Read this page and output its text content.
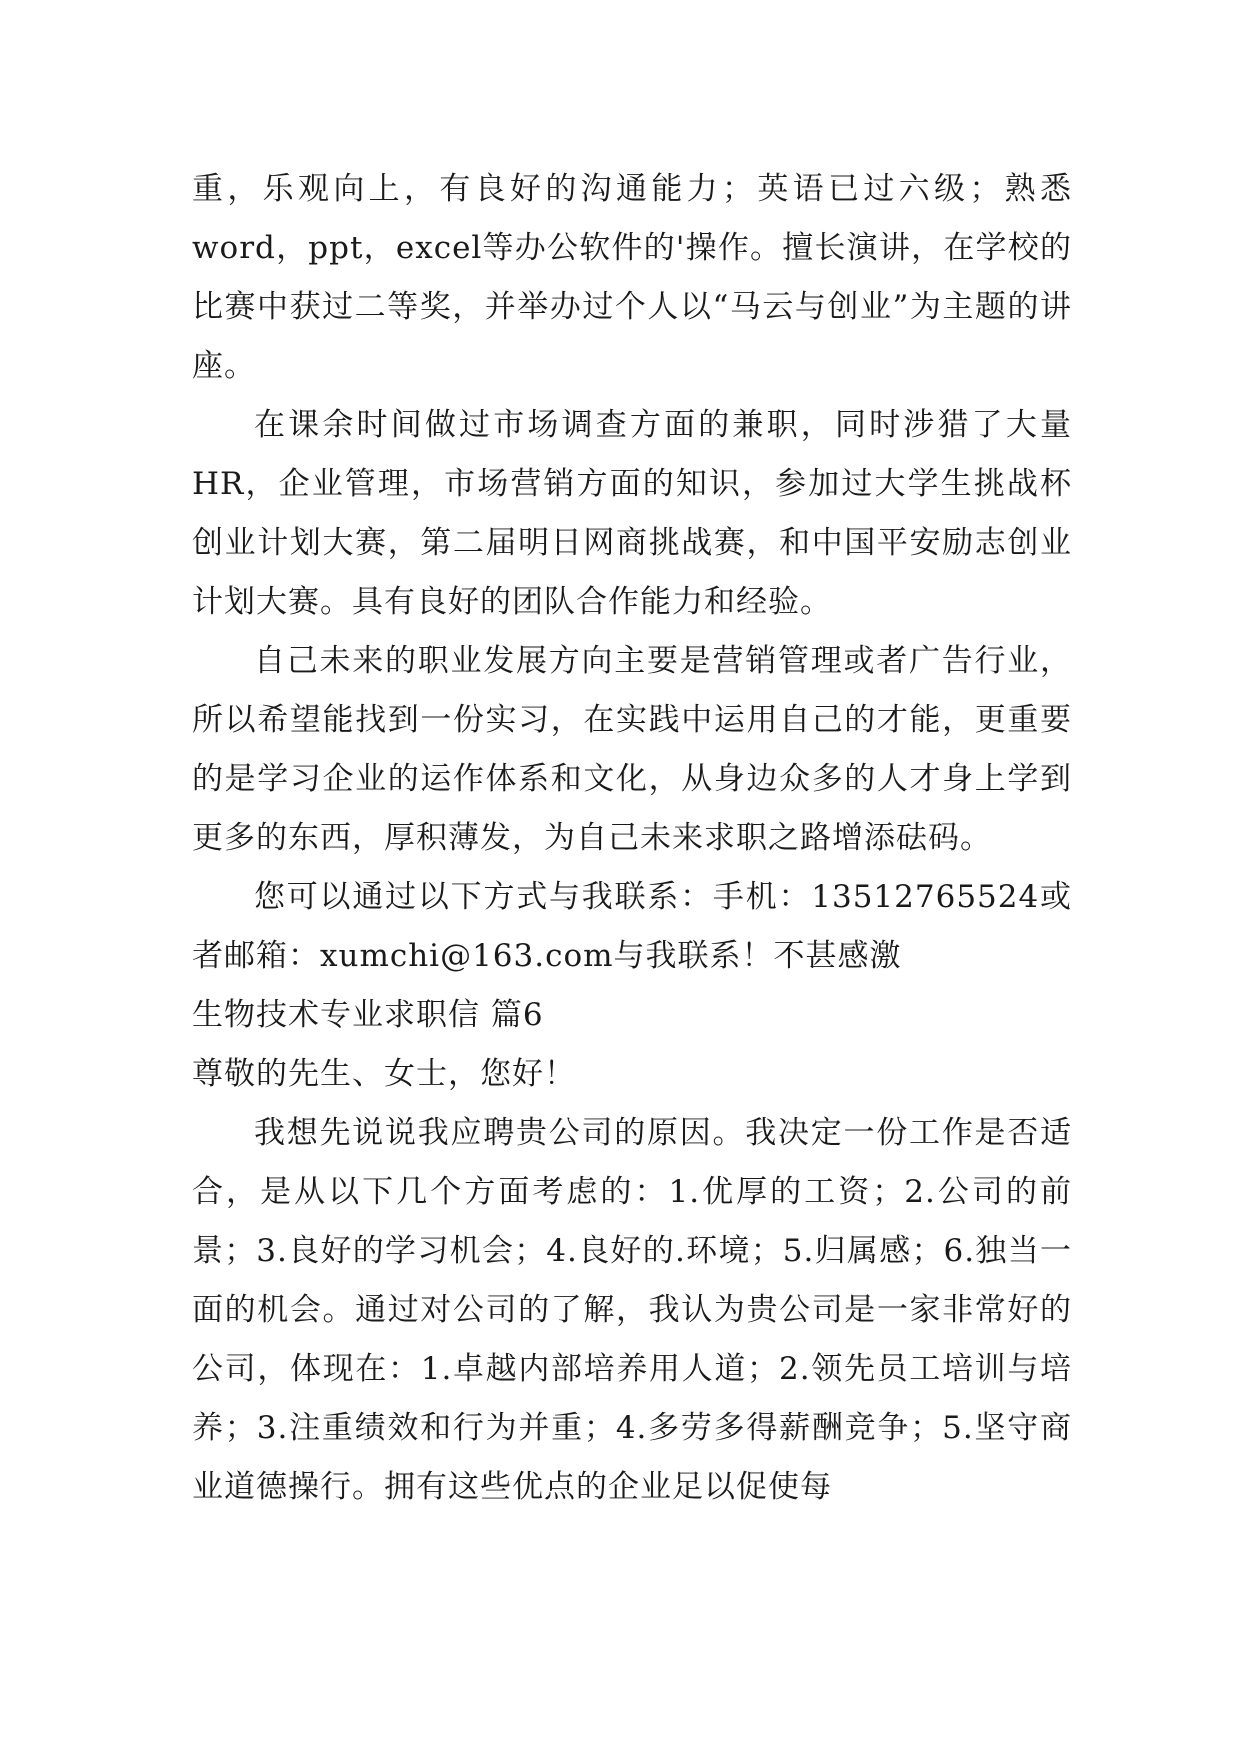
重，乐观向上，有良好的沟通能力；英语已过六级；熟悉word，ppt，excel等办公软件的'操作。擅长演讲，在学校的比赛中获过二等奖，并举办过个人以“马云与创业”为主题的讲座。

在课余时间做过市场调查方面的兼职，同时涉猎了大量HR，企业管理，市场营销方面的知识，参加过大学生挑战杯创业计划大赛，第二届明日网商挑战赛，和中国平安励志创业计划大赛。具有良好的团队合作能力和经验。

自己未来的职业发展方向主要是营销管理或者广告行业，所以希望能找到一份实习，在实践中运用自己的才能，更重要的是学习企业的运作体系和文化，从身边众多的人才身上学到更多的东西，厚积薄发，为自己未来求职之路增添砝码。

您可以通过以下方式与我联系：手机：13512765524或者邮箱：xumchi@163.com与我联系！不甚感激

生物技术专业求职信 篇6

尊敬的先生、女士，您好！

我想先说说我应聘贵公司的原因。我决定一份工作是否适合，是从以下几个方面考虑的：1.优厚的工资；2.公司的前景；3.良好的学习机会；4.良好的.环境；5.归属感；6.独当一面的机会。通过对公司的了解，我认为贵公司是一家非常好的公司，体现在：1.卓越内部培养用人道；2.领先员工培训与培养；3.注重绩效和行为并重；4.多劳多得薪酬竞争；5.坚守商业道德操行。拥有这些优点的企业足以促使每
